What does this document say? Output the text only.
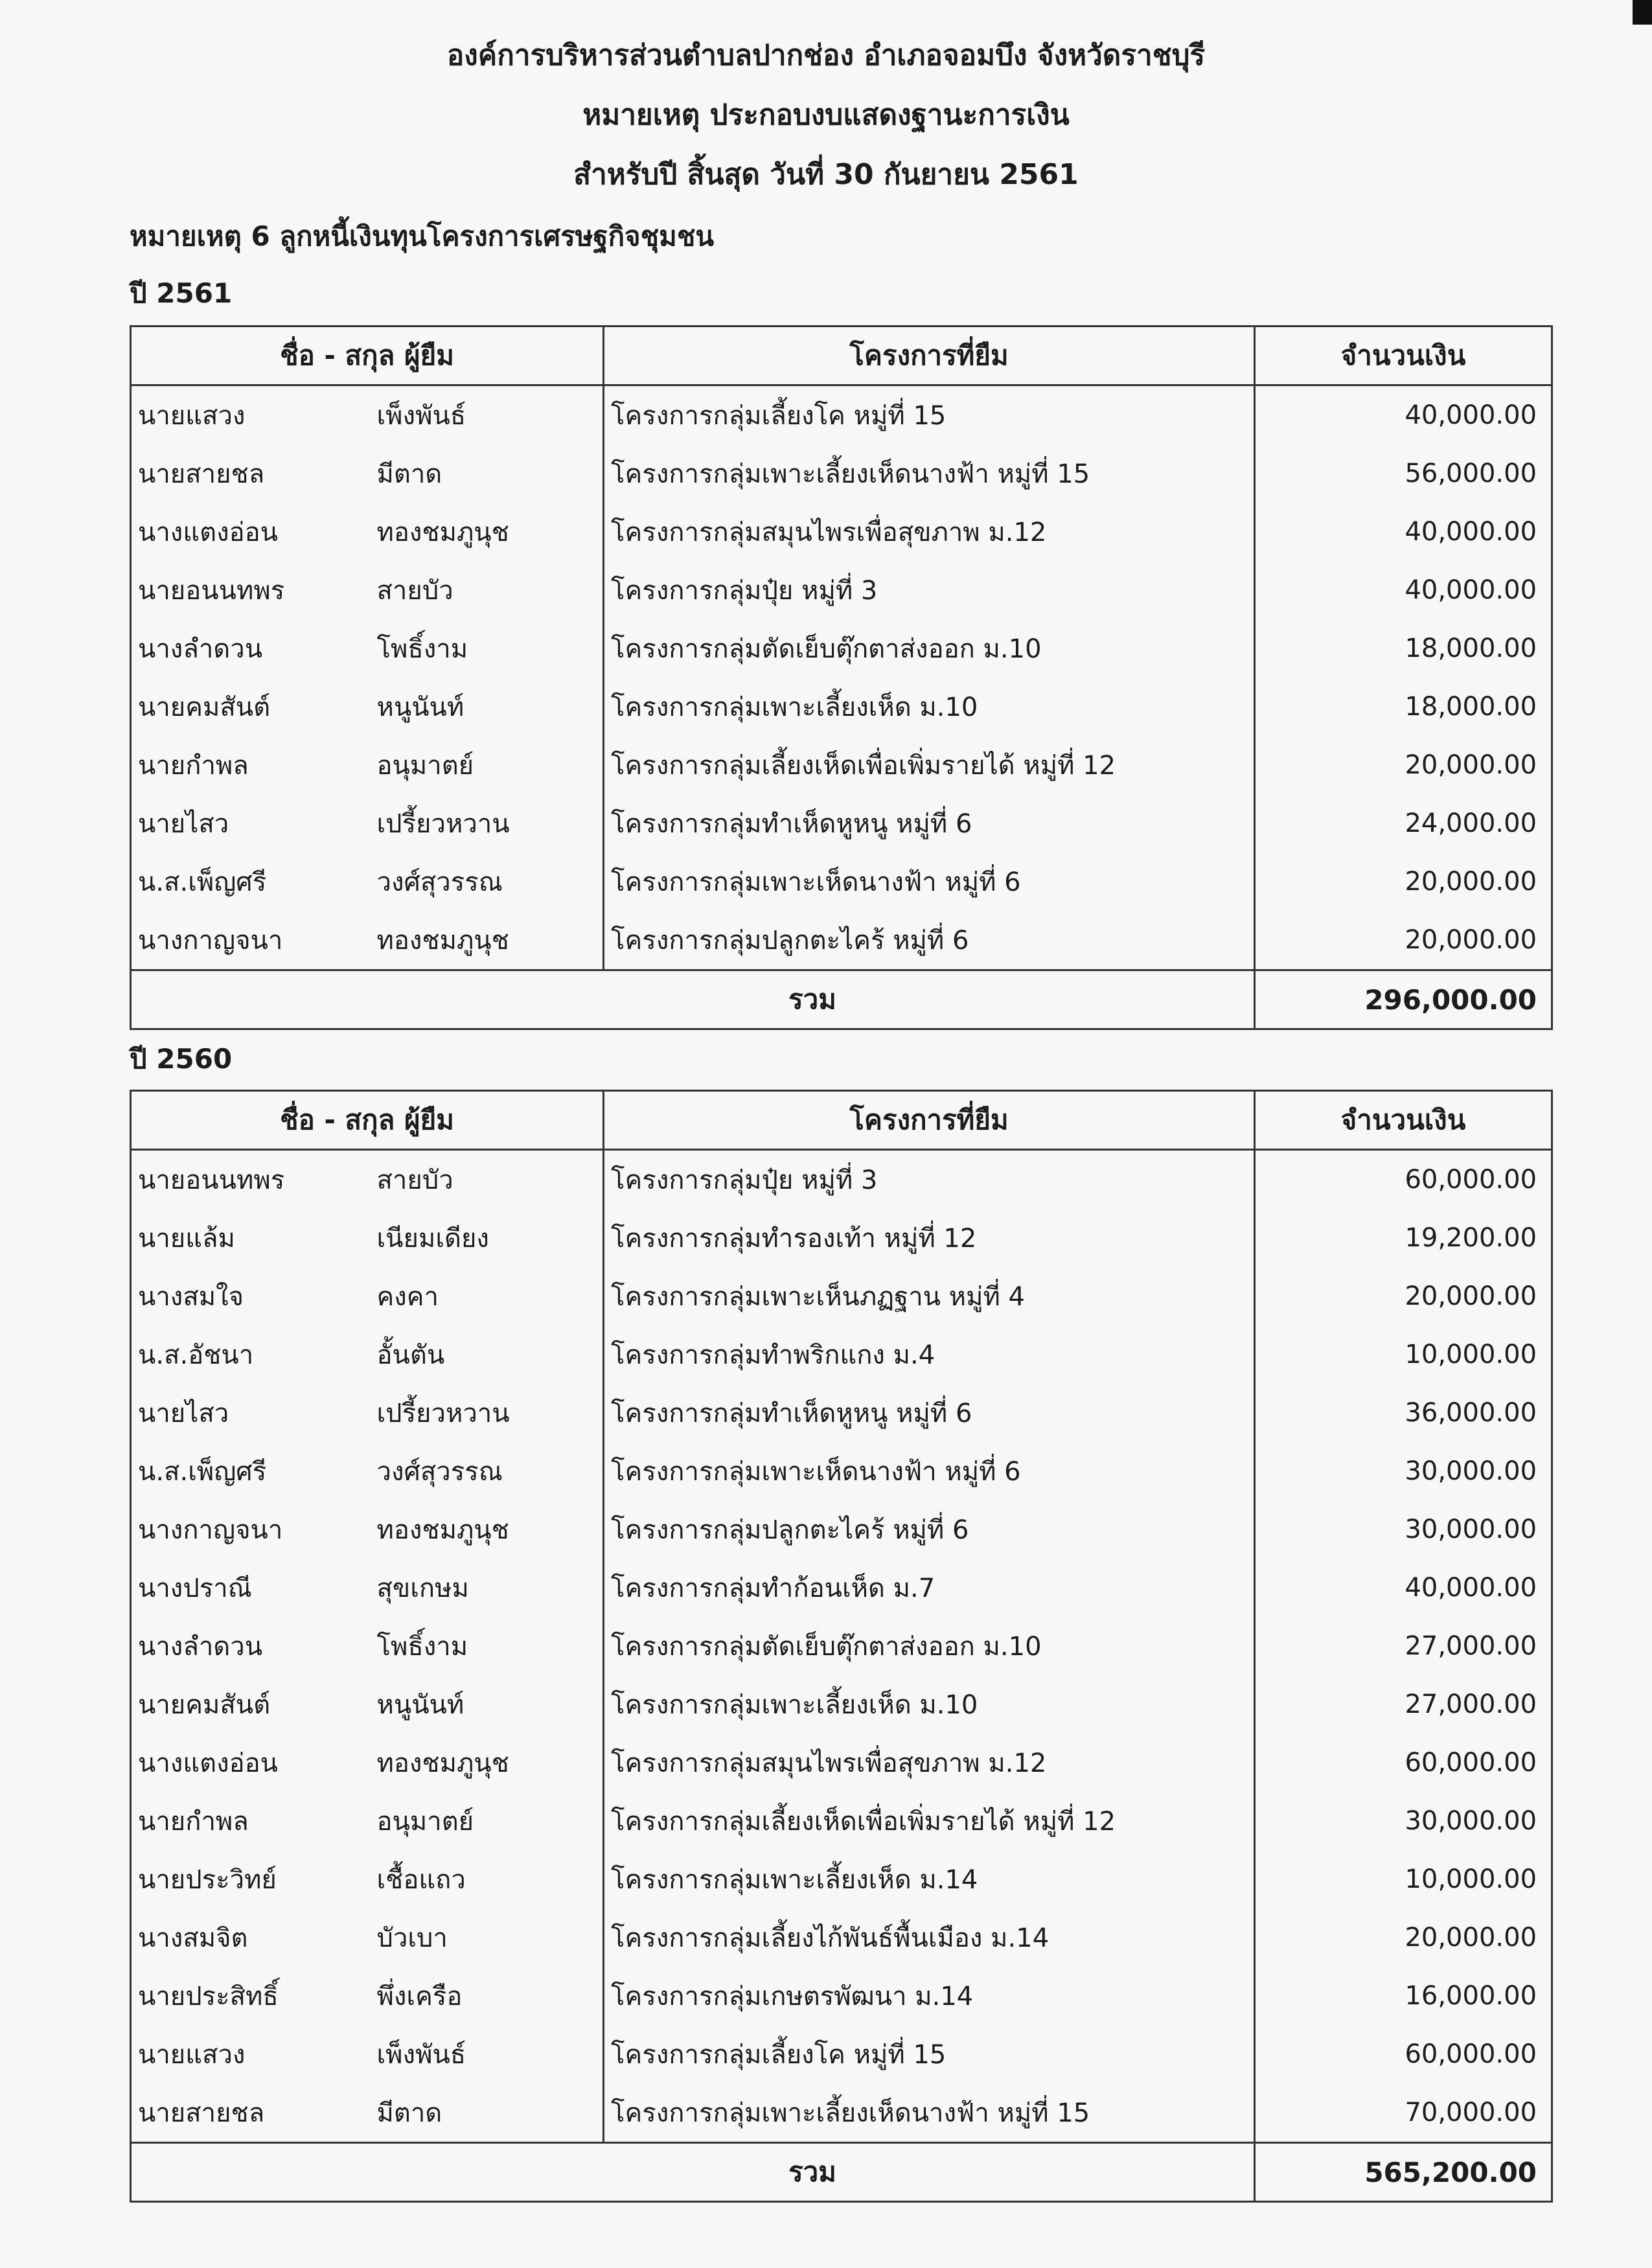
องค์การบริหารส่วนตำบลปากช่อง อำเภอจอมบึง จังหวัดราชบุรี
หมายเหตุ ประกอบงบแสดงฐานะการเงิน
สำหรับปี สิ้นสุด วันที่ 30 กันยายน 2561
หมายเหตุ 6 ลูกหนี้เงินทุนโครงการเศรษฐกิจชุมชน
ปี 2561
ชื่อ - สกุล ผู้ยืม		โครงการที่ยืม	จำนวนเงิน
นายแสวง	เพ็งพันธ์	โครงการกลุ่มเลี้ยงโค หมู่ที่ 15	40,000.00
นายสายชล	มีตาด	โครงการกลุ่มเพาะเลี้ยงเห็ดนางฟ้า หมู่ที่ 15	56,000.00
นางแตงอ่อน	ทองชมภูนุช	โครงการกลุ่มสมุนไพรเพื่อสุขภาพ ม.12	40,000.00
นายอนนทพร	สายบัว	โครงการกลุ่มปุ๋ย หมู่ที่ 3	40,000.00
นางลำดวน	โพธิ์งาม	โครงการกลุ่มตัดเย็บตุ๊กตาส่งออก ม.10	18,000.00
นายคมสันต์	หนูนันท์	โครงการกลุ่มเพาะเลี้ยงเห็ด ม.10	18,000.00
นายกำพล	อนุมาตย์	โครงการกลุ่มเลี้ยงเห็ดเพื่อเพิ่มรายได้ หมู่ที่ 12	20,000.00
นายไสว	เปรี้ยวหวาน	โครงการกลุ่มทำเห็ดหูหนู หมู่ที่ 6	24,000.00
น.ส.เพ็ญศรี	วงศ์สุวรรณ	โครงการกลุ่มเพาะเห็ดนางฟ้า หมู่ที่ 6	20,000.00
นางกาญจนา	ทองชมภูนุช	โครงการกลุ่มปลูกตะไคร้ หมู่ที่ 6	20,000.00
รวม			296,000.00
ปี 2560
ชื่อ - สกุล ผู้ยืม		โครงการที่ยืม	จำนวนเงิน
นายอนนทพร	สายบัว	โครงการกลุ่มปุ๋ย หมู่ที่ 3	60,000.00
นายแล้ม	เนียมเดียง	โครงการกลุ่มทำรองเท้า หมู่ที่ 12	19,200.00
นางสมใจ	คงคา	โครงการกลุ่มเพาะเห็นภฏฐาน หมู่ที่ 4	20,000.00
น.ส.อัชนา	อั้นตัน	โครงการกลุ่มทำพริกแกง ม.4	10,000.00
นายไสว	เปรี้ยวหวาน	โครงการกลุ่มทำเห็ดหูหนู หมู่ที่ 6	36,000.00
น.ส.เพ็ญศรี	วงศ์สุวรรณ	โครงการกลุ่มเพาะเห็ดนางฟ้า หมู่ที่ 6	30,000.00
นางกาญจนา	ทองชมภูนุช	โครงการกลุ่มปลูกตะไคร้ หมู่ที่ 6	30,000.00
นางปราณี	สุขเกษม	โครงการกลุ่มทำก้อนเห็ด ม.7	40,000.00
นางลำดวน	โพธิ์งาม	โครงการกลุ่มตัดเย็บตุ๊กตาส่งออก ม.10	27,000.00
นายคมสันต์	หนูนันท์	โครงการกลุ่มเพาะเลี้ยงเห็ด ม.10	27,000.00
นางแตงอ่อน	ทองชมภูนุช	โครงการกลุ่มสมุนไพรเพื่อสุขภาพ ม.12	60,000.00
นายกำพล	อนุมาตย์	โครงการกลุ่มเลี้ยงเห็ดเพื่อเพิ่มรายได้ หมู่ที่ 12	30,000.00
นายประวิทย์	เชื้อแถว	โครงการกลุ่มเพาะเลี้ยงเห็ด ม.14	10,000.00
นางสมจิต	บัวเบา	โครงการกลุ่มเลี้ยงไก้พันธ์พื้นเมือง ม.14	20,000.00
นายประสิทธิ์	พึ่งเครือ	โครงการกลุ่มเกษตรพัฒนา ม.14	16,000.00
นายแสวง	เพ็งพันธ์	โครงการกลุ่มเลี้ยงโค หมู่ที่ 15	60,000.00
นายสายชล	มีตาด	โครงการกลุ่มเพาะเลี้ยงเห็ดนางฟ้า หมู่ที่ 15	70,000.00
รวม			565,200.00
